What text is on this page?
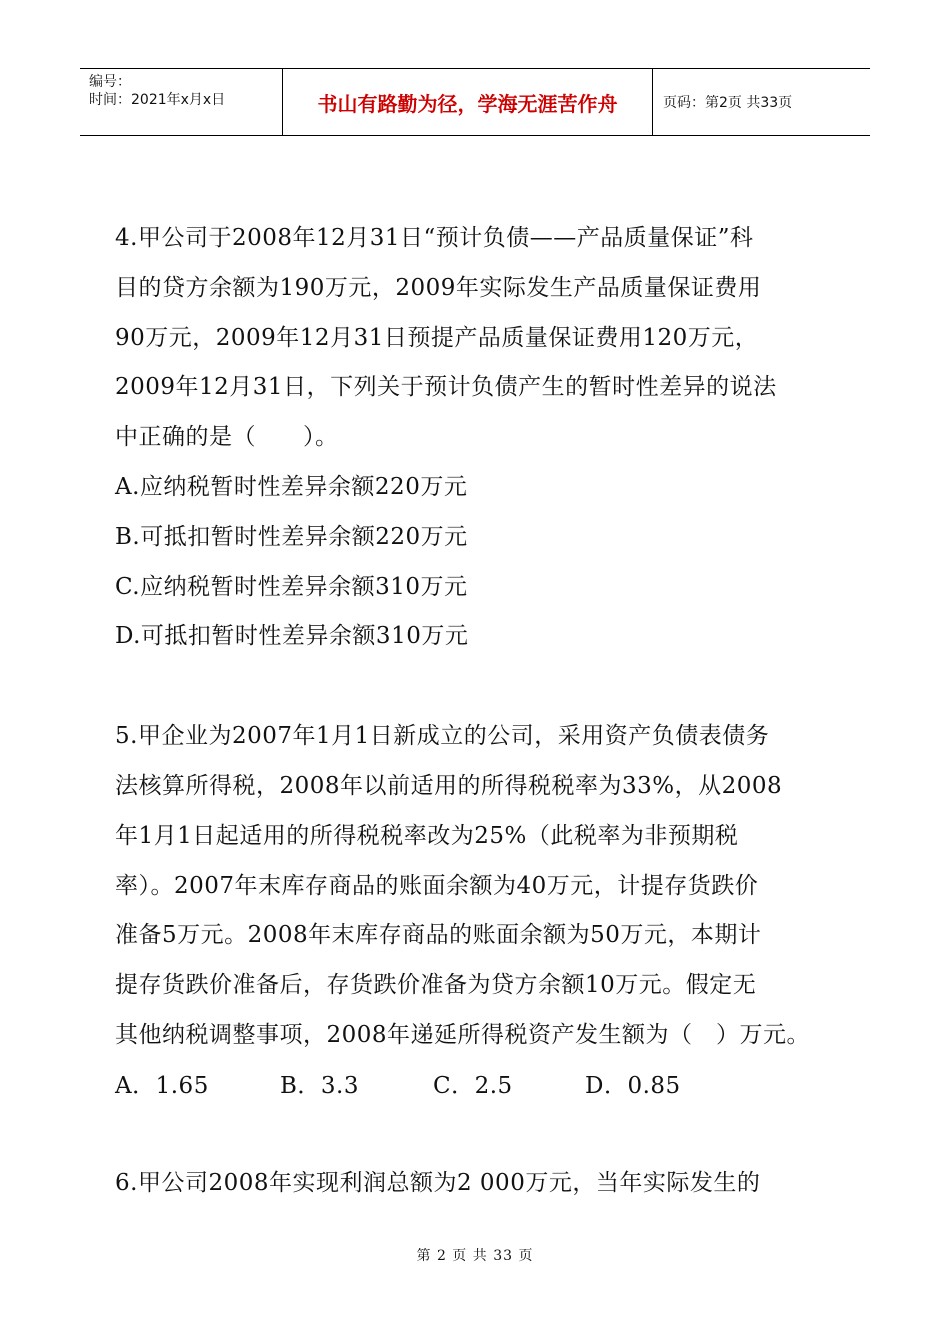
编号：
时间：2021年x月x日	书山有路勤为径，学海无涯苦作舟	页码：第2页 共33页
4.甲公司于2008年12月31日“预计负债——产品质量保证”科
目的贷方余额为190万元，2009年实际发生产品质量保证费用
90万元，2009年12月31日预提产品质量保证费用120万元，
2009年12月31日，下列关于预计负债产生的暂时性差异的说法
中正确的是（　　）。
A.应纳税暂时性差异余额220万元
B.可抵扣暂时性差异余额220万元
C.应纳税暂时性差异余额310万元
D.可抵扣暂时性差异余额310万元
5.甲企业为2007年1月1日新成立的公司，采用资产负债表债务
法核算所得税，2008年以前适用的所得税税率为33%，从2008
年1月1日起适用的所得税税率改为25%（此税率为非预期税
率）。2007年末库存商品的账面余额为40万元，计提存货跌价
准备5万元。2008年末库存商品的账面余额为50万元，本期计
提存货跌价准备后，存货跌价准备为贷方余额10万元。假定无
其他纳税调整事项，2008年递延所得税资产发生额为（　）万元。
A．1.65	B．3.3	C．2.5	D．0.85
6.甲公司2008年实现利润总额为2 000万元，当年实际发生的
第 2 页 共 33 页
